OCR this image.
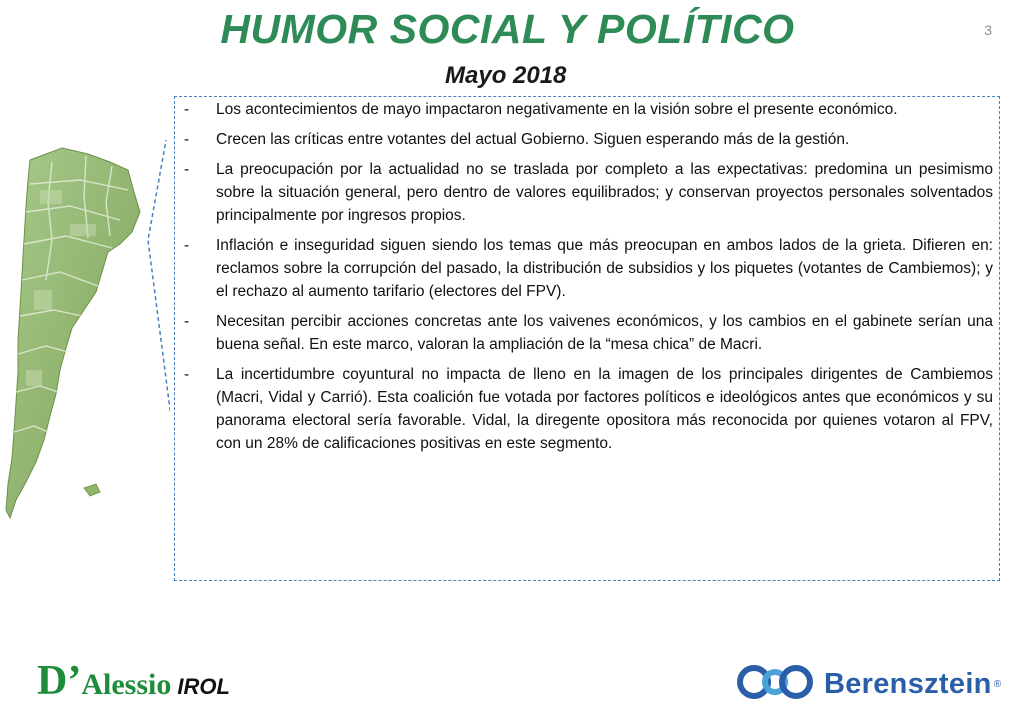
HUMOR SOCIAL Y POLÍTICO	3
Mayo 2018
- Los acontecimientos de mayo impactaron negativamente en la visión sobre el presente económico.
- Crecen las críticas entre votantes del actual Gobierno. Siguen esperando más de la gestión.
- La preocupación por la actualidad no se traslada por completo a las expectativas: predomina un pesimismo sobre la situación general, pero dentro de valores equilibrados; y conservan proyectos personales solventados principalmente por ingresos propios.
- Inflación e inseguridad siguen siendo los temas que más preocupan en ambos lados de la grieta. Difieren en: reclamos sobre la corrupción del pasado, la distribución de subsidios y los piquetes (votantes de Cambiemos); y el rechazo al aumento tarifario (electores del FPV).
- Necesitan percibir acciones concretas ante los vaivenes económicos, y los cambios en el gabinete serían una buena señal. En este marco, valoran la ampliación de la “mesa chica” de Macri.
- La incertidumbre coyuntural no impacta de lleno en la imagen de los principales dirigentes de Cambiemos (Macri, Vidal y Carrió). Esta coalición fue votada por factores políticos e ideológicos antes que económicos y su panorama electoral sería favorable. Vidal, la diregente opositora más reconocida por quienes votaron al FPV, con un 28% de calificaciones positivas en este segmento.
D’Alessio IROL	Berensztein ®
